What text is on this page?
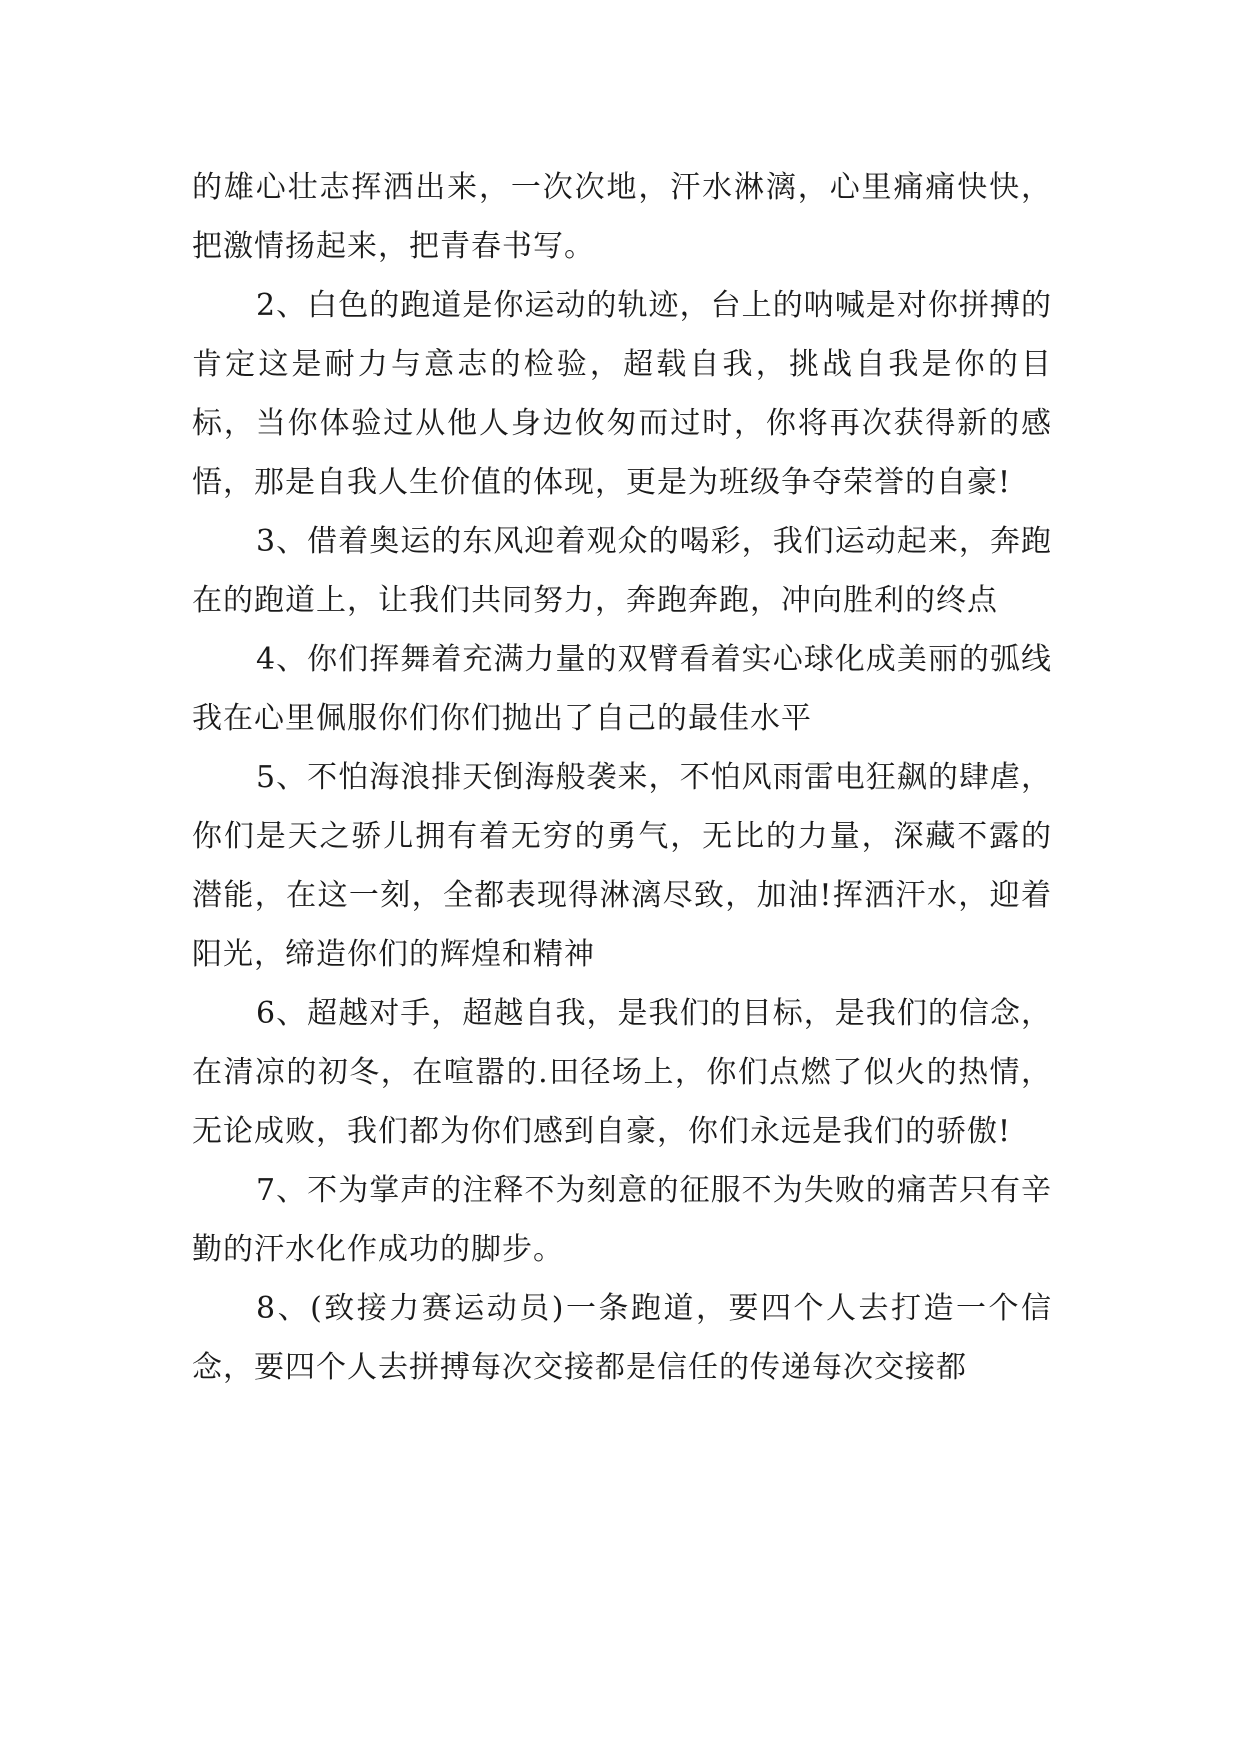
的雄心壮志挥洒出来，一次次地，汗水淋漓，心里痛痛快快，把激情扬起来，把青春书写。

2、白色的跑道是你运动的轨迹，台上的呐喊是对你拼搏的肯定这是耐力与意志的检验，超载自我，挑战自我是你的目标，当你体验过从他人身边攸匆而过时，你将再次获得新的感悟，那是自我人生价值的体现，更是为班级争夺荣誉的自豪!

3、借着奥运的东风迎着观众的喝彩，我们运动起来，奔跑在的跑道上，让我们共同努力，奔跑奔跑，冲向胜利的终点

4、你们挥舞着充满力量的双臂看着实心球化成美丽的弧线我在心里佩服你们你们抛出了自己的最佳水平

5、不怕海浪排天倒海般袭来，不怕风雨雷电狂飙的肆虐，你们是天之骄儿拥有着无穷的勇气，无比的力量，深藏不露的潜能，在这一刻，全都表现得淋漓尽致，加油!挥洒汗水，迎着阳光，缔造你们的辉煌和精神

6、超越对手，超越自我，是我们的目标，是我们的信念，在清凉的初冬，在喧嚣的.田径场上，你们点燃了似火的热情，无论成败，我们都为你们感到自豪，你们永远是我们的骄傲!

7、不为掌声的注释不为刻意的征服不为失败的痛苦只有辛勤的汗水化作成功的脚步。

8、(致接力赛运动员)一条跑道，要四个人去打造一个信念，要四个人去拼搏每次交接都是信任的传递每次交接都
